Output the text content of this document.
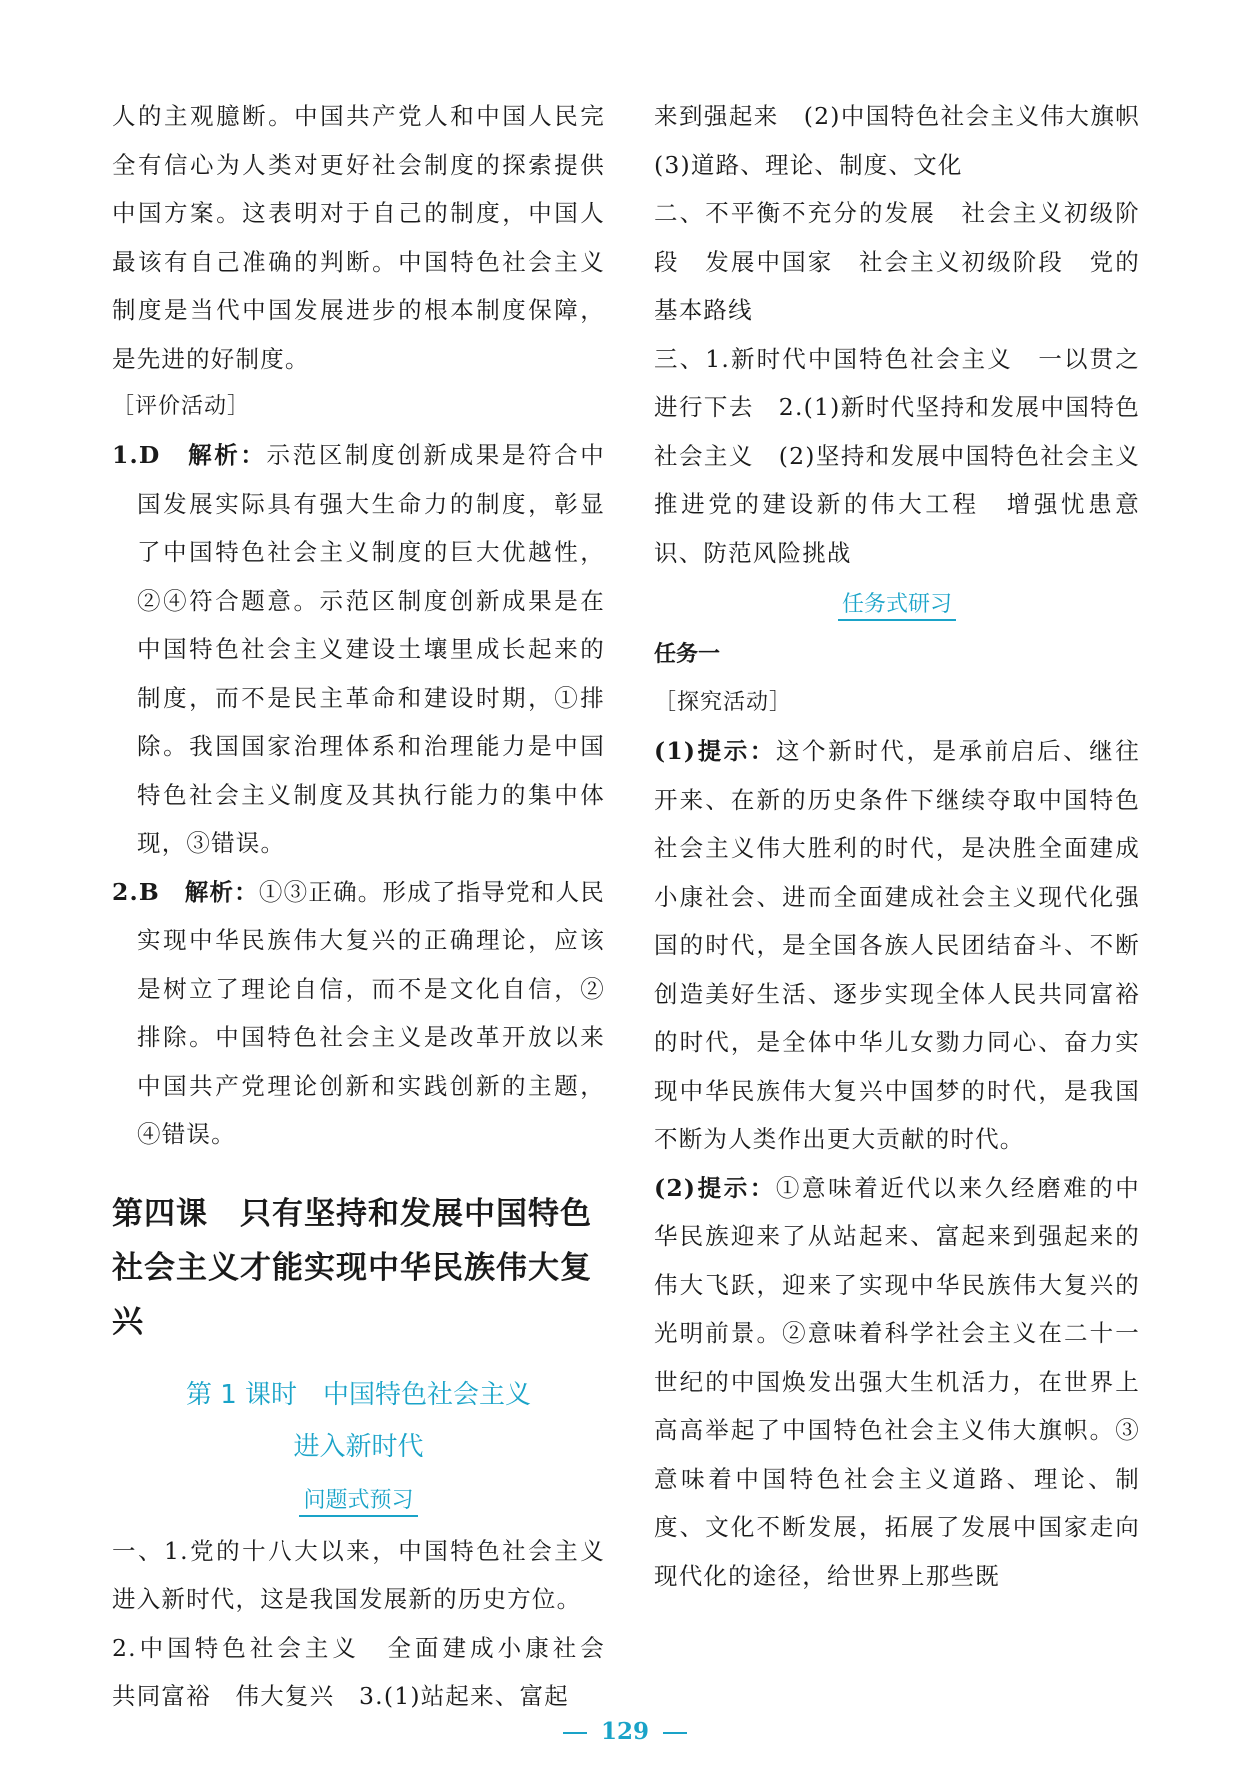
人的主观臆断。中国共产党人和中国人民完全有信心为人类对更好社会制度的探索提供中国方案。这表明对于自己的制度，中国人最该有自己准确的判断。中国特色社会主义制度是当代中国发展进步的根本制度保障，是先进的好制度。

［评价活动］

1.D　解析：示范区制度创新成果是符合中国发展实际具有强大生命力的制度，彰显了中国特色社会主义制度的巨大优越性，②④符合题意。示范区制度创新成果是在中国特色社会主义建设土壤里成长起来的制度，而不是民主革命和建设时期，①排除。我国国家治理体系和治理能力是中国特色社会主义制度及其执行能力的集中体现，③错误。

2.B　解析：①③正确。形成了指导党和人民实现中华民族伟大复兴的正确理论，应该是树立了理论自信，而不是文化自信，②排除。中国特色社会主义是改革开放以来中国共产党理论创新和实践创新的主题，④错误。

第四课　只有坚持和发展中国特色
社会主义才能实现中华民族伟大复兴
第 1 课时　中国特色社会主义
进入新时代
问题式预习

一、1.党的十八大以来，中国特色社会主义进入新时代，这是我国发展新的历史方位。

2.中国特色社会主义　全面建成小康社会　共同富裕　伟大复兴　3.(1)站起来、富起

来到强起来　(2)中国特色社会主义伟大旗帜　(3)道路、理论、制度、文化

二、不平衡不充分的发展　社会主义初级阶段　发展中国家　社会主义初级阶段　党的基本路线

三、1.新时代中国特色社会主义　一以贯之进行下去　2.(1)新时代坚持和发展中国特色社会主义　(2)坚持和发展中国特色社会主义　推进党的建设新的伟大工程　增强忧患意识、防范风险挑战

任务式研习
任务一

［探究活动］

(1)提示：这个新时代，是承前启后、继往开来、在新的历史条件下继续夺取中国特色社会主义伟大胜利的时代，是决胜全面建成小康社会、进而全面建成社会主义现代化强国的时代，是全国各族人民团结奋斗、不断创造美好生活、逐步实现全体人民共同富裕的时代，是全体中华儿女勠力同心、奋力实现中华民族伟大复兴中国梦的时代，是我国不断为人类作出更大贡献的时代。

(2)提示：①意味着近代以来久经磨难的中华民族迎来了从站起来、富起来到强起来的伟大飞跃，迎来了实现中华民族伟大复兴的光明前景。②意味着科学社会主义在二十一世纪的中国焕发出强大生机活力，在世界上高高举起了中国特色社会主义伟大旗帜。③意味着中国特色社会主义道路、理论、制度、文化不断发展，拓展了发展中国家走向现代化的途径，给世界上那些既

129
